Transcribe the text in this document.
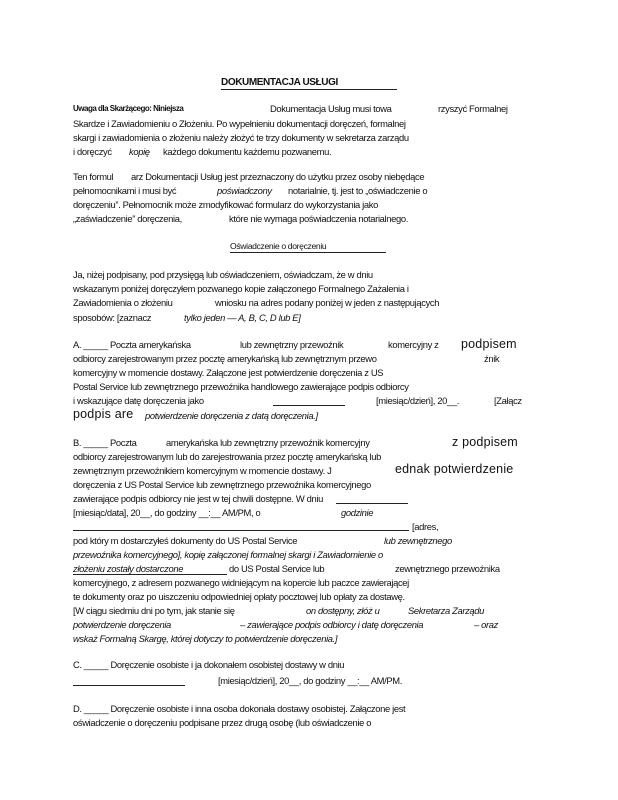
DOKUMENTACJA USŁUGI
Uwaga dla Skarżącego: Niniejsza	Dokumentacja Usług musi towa	rzyszyć Formalnej
Skardze i Zawiadomieniu o Złożeniu. Po wypełnieniu dokumentacji doręczeń, formalnej
skargi i zawiadomienia o złożeniu należy złożyć te trzy dokumenty w sekretarza zarządu
i doręczyć kopię każdego dokumentu każdemu pozwanemu.
Ten formul arz Dokumentacji Usług jest przeznaczony do użytku przez osoby niebędące
pełnomocnikami i musi być	poświadczony notarialnie, tj. jest to „oświadczenie o
doręczeniu”. Pełnomocnik może zmodyfikować formularz do wykorzystania jako
„zaświadczenie” doręczenia,	które nie wymaga poświadczenia notarialnego.
Oświadczenie o doręczeniu
Ja, niżej podpisany, pod przysięgą lub oświadczeniem, oświadczam, że w dniu
wskazanym poniżej doręczyłem pozwanego kopie załączonego Formalnego Zażalenia i
Zawiadomienia o złożeniu	wniosku na adres podany poniżej w jeden z następujących
sposobów: [zaznacz	tylko jeden — A, B, C, D lub E]
A. _____ Poczta amerykańska	lub zewnętrzny przewoźnik	komercyjny z podpisem
odbiorcy zarejestrowanym przez pocztę amerykańską lub zewnętrznym przewo	źnik
komercyjny w momencie dostawy. Załączone jest potwierdzenie doręczenia z US
Postal Service lub zewnętrznego przewoźnika handlowego zawierające podpis odbiorcy
i wskazujące datę doręczenia jako	[miesiąc/dzień], 20__.	[Załącz
podpis are potwierdzenie doręczenia z datą doręczenia.]
B. _____ Poczta	amerykańska lub zewnętrzny przewoźnik komercyjny	z podpisem
odbiorcy zarejestrowanym lub do zarejestrowania przez pocztę amerykańską lub
zewnętrznym przewoźnikiem komercyjnym w momencie dostawy. J	ednak potwierdzenie
doręczenia z US Postal Service lub zewnętrznego przewoźnika komercyjnego
zawierające podpis odbiorcy nie jest w tej chwili dostępne. W dniu
[miesiąc/data], 20__, do godziny __:__ AM/PM, o	godzinie
[adres,
pod który m dostarczyłeś dokumenty do US Postal Service	lub zewnętrznego
przewoźnika komercyjnego], kopię załączonej formalnej skargi i Zawiadomienie o
złożeniu zostały dostarczone	do US Postal Service lub	zewnętrznego przewoźnika
komercyjnego, z adresem pozwanego widniejącym na kopercie lub paczce zawierającej
te dokumenty oraz po uiszczeniu odpowiedniej opłaty pocztowej lub opłaty za dostawę.
[W ciągu siedmiu dni po tym, jak stanie się	on dostępny, złóż u	Sekretarza Zarządu
potwierdzenie doręczenia	– zawierające podpis odbiorcy i datę doręczenia	– oraz
wskaż Formalną Skargę, której dotyczy to potwierdzenie doręczenia.]
C. _____ Doręczenie osobiste i ja dokonałem osobistej dostawy w dniu
[miesiąc/dzień], 20__, do godziny __:__ AM/PM.
D. _____ Doręczenie osobiste i inna osoba dokonała dostawy osobistej. Załączone jest
oświadczenie o doręczeniu podpisane przez drugą osobę (lub oświadczenie o
